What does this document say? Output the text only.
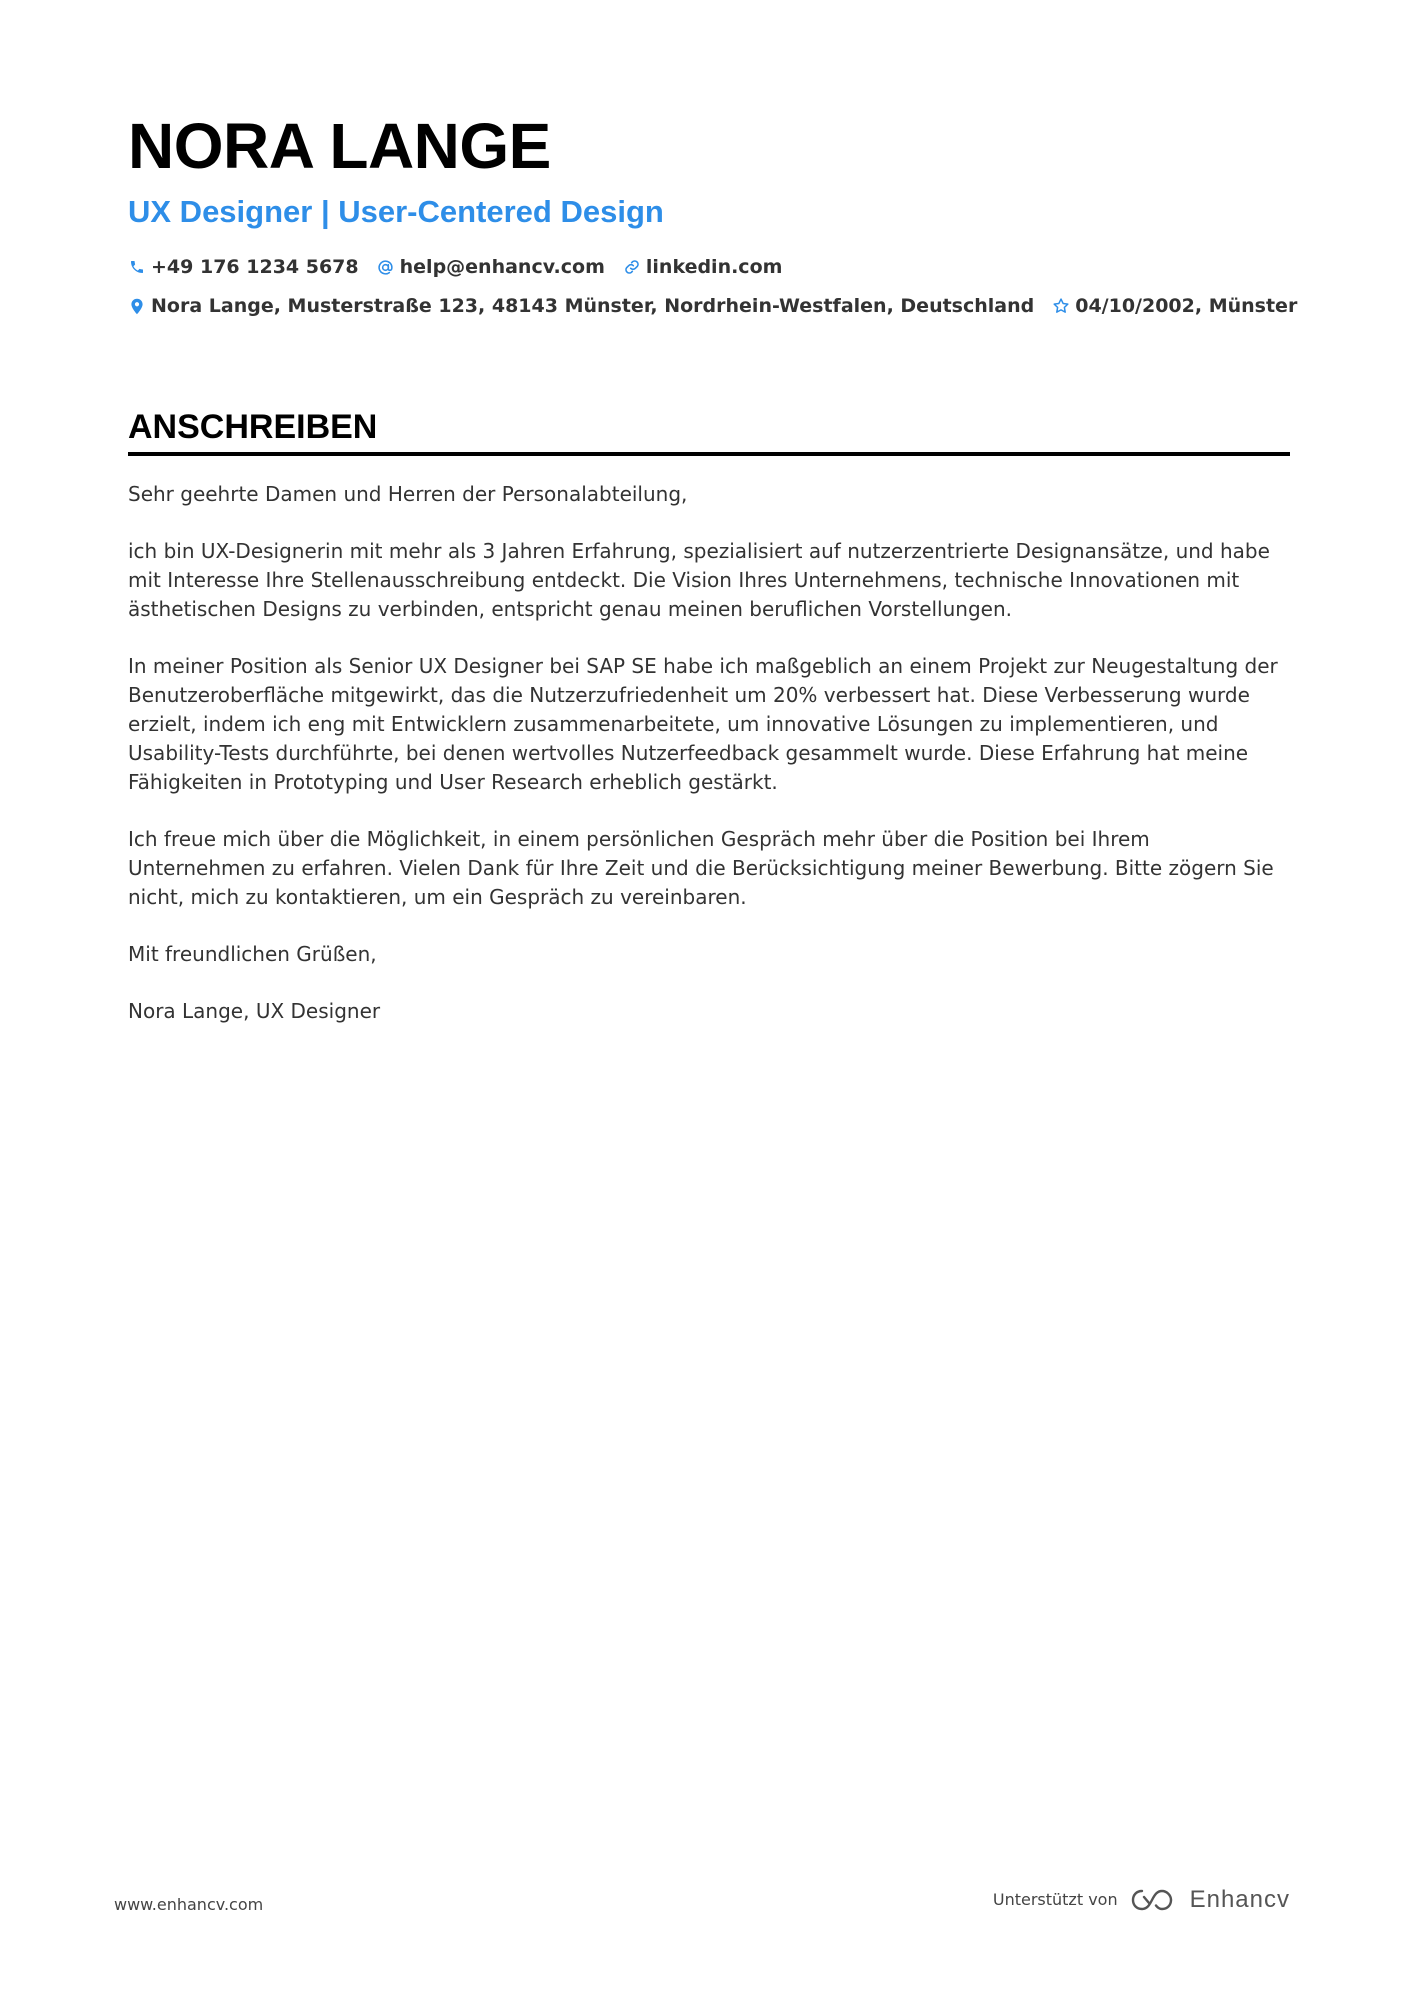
NORA LANGE
UX Designer | User-Centered Design
+49 176 1234 5678 help@enhancv.com linkedin.com
Nora Lange, Musterstraße 123, 48143 Münster, Nordrhein-Westfalen, Deutschland 04/10/2002, Münster
ANSCHREIBEN

Sehr geehrte Damen und Herren der Personalabteilung,

ich bin UX-Designerin mit mehr als 3 Jahren Erfahrung, spezialisiert auf nutzerzentrierte Designansätze, und habe mit Interesse Ihre Stellenausschreibung entdeckt. Die Vision Ihres Unternehmens, technische Innovationen mit ästhetischen Designs zu verbinden, entspricht genau meinen beruflichen Vorstellungen.

In meiner Position als Senior UX Designer bei SAP SE habe ich maßgeblich an einem Projekt zur Neugestaltung der Benutzeroberfläche mitgewirkt, das die Nutzerzufriedenheit um 20% verbessert hat. Diese Verbesserung wurde erzielt, indem ich eng mit Entwicklern zusammenarbeitete, um innovative Lösungen zu implementieren, und Usability-Tests durchführte, bei denen wertvolles Nutzerfeedback gesammelt wurde. Diese Erfahrung hat meine Fähigkeiten in Prototyping und User Research erheblich gestärkt.

Ich freue mich über die Möglichkeit, in einem persönlichen Gespräch mehr über die Position bei Ihrem Unternehmen zu erfahren. Vielen Dank für Ihre Zeit und die Berücksichtigung meiner Bewerbung. Bitte zögern Sie nicht, mich zu kontaktieren, um ein Gespräch zu vereinbaren.

Mit freundlichen Grüßen,

Nora Lange, UX Designer

www.enhancv.com	Unterstützt von	Enhancv
